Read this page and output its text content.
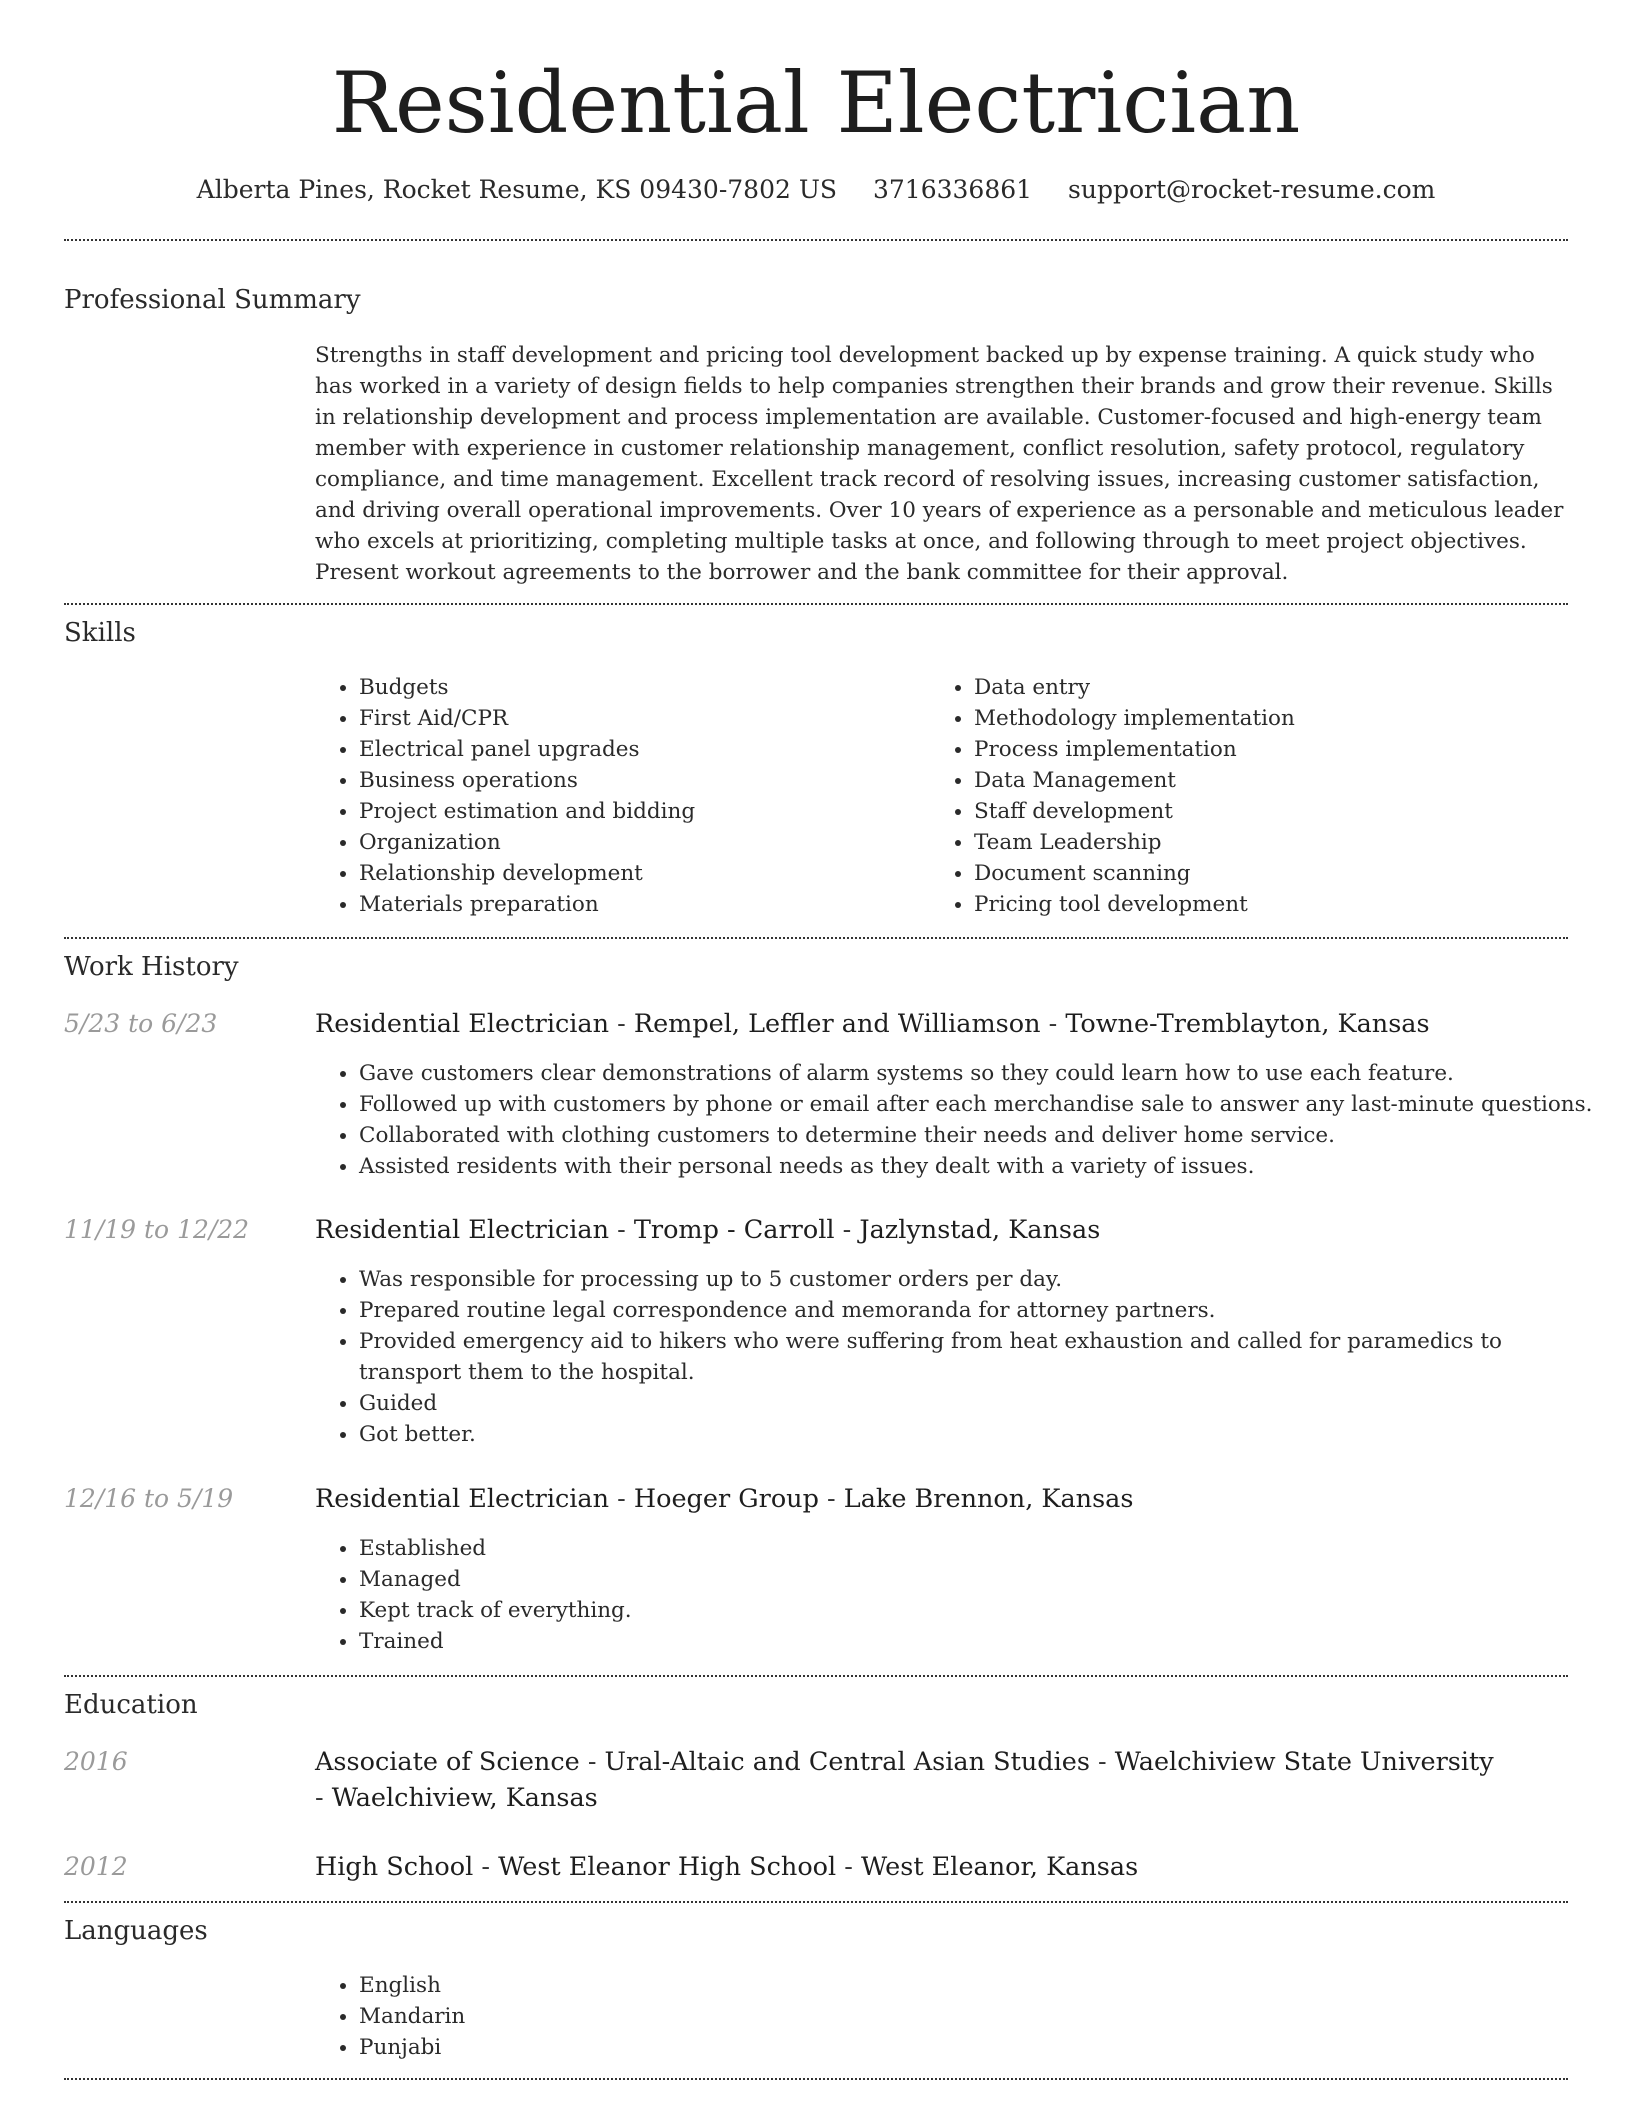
Residential Electrician
Alberta Pines, Rocket Resume, KS 09430-7802 US 3716336861 support@rocket-resume.com
Professional Summary

Strengths in staff development and pricing tool development backed up by expense training. A quick study who has worked in a variety of design fields to help companies strengthen their brands and grow their revenue. Skills in relationship development and process implementation are available. Customer-focused and high-energy team member with experience in customer relationship management, conflict resolution, safety protocol, regulatory compliance, and time management. Excellent track record of resolving issues, increasing customer satisfaction, and driving overall operational improvements. Over 10 years of experience as a personable and meticulous leader who excels at prioritizing, completing multiple tasks at once, and following through to meet project objectives. Present workout agreements to the borrower and the bank committee for their approval.

Skills
• Budgets
• First Aid/CPR
• Electrical panel upgrades
• Business operations
• Project estimation and bidding
• Organization
• Relationship development
• Materials preparation
• Data entry
• Methodology implementation
• Process implementation
• Data Management
• Staff development
• Team Leadership
• Document scanning
• Pricing tool development
Work History
5/23 to 6/23	Residential Electrician - Rempel, Leffler and Williamson - Towne-Tremblayton, Kansas
• Gave customers clear demonstrations of alarm systems so they could learn how to use each feature.
• Followed up with customers by phone or email after each merchandise sale to answer any last-minute questions.
• Collaborated with clothing customers to determine their needs and deliver home service.
• Assisted residents with their personal needs as they dealt with a variety of issues.
11/19 to 12/22	Residential Electrician - Tromp - Carroll - Jazlynstad, Kansas
• Was responsible for processing up to 5 customer orders per day.
• Prepared routine legal correspondence and memoranda for attorney partners.
• Provided emergency aid to hikers who were suffering from heat exhaustion and called for paramedics to transport them to the hospital.
• Guided
• Got better.
12/16 to 5/19	Residential Electrician - Hoeger Group - Lake Brennon, Kansas
• Established
• Managed
• Kept track of everything.
• Trained
Education
2016	Associate of Science - Ural-Altaic and Central Asian Studies - Waelchiview State University - Waelchiview, Kansas
2012	High School - West Eleanor High School - West Eleanor, Kansas
Languages
• English
• Mandarin
• Punjabi
